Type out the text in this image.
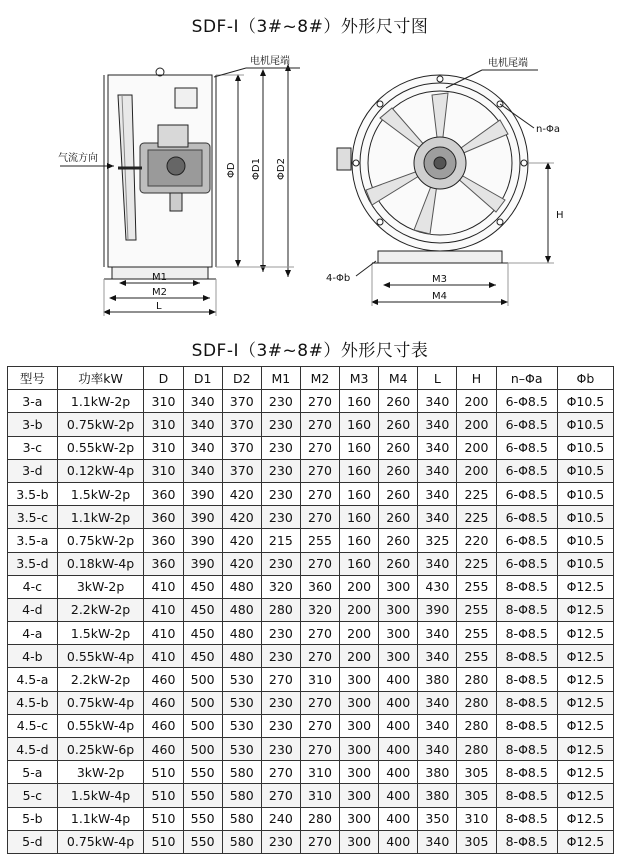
SDF-Ⅰ（3#~8#）外形尺寸图
气流方向
电机尾端
ΦD ΦD1 ΦD2
M1
M2
L
电机尾端
n-Φa
H
4-Φb	M3
M4
SDF-Ⅰ（3#~8#）外形尺寸表
型号	功率kW	D	D1	D2	M1	M2	M3	M4	L	H	n–Φa	Φb
3-a	1.1kW-2p	310	340	370	230	270	160	260	340	200	6-Φ8.5	Φ10.5
3-b	0.75kW-2p	310	340	370	230	270	160	260	340	200	6-Φ8.5	Φ10.5
3-c	0.55kW-2p	310	340	370	230	270	160	260	340	200	6-Φ8.5	Φ10.5
3-d	0.12kW-4p	310	340	370	230	270	160	260	340	200	6-Φ8.5	Φ10.5
3.5-b	1.5kW-2p	360	390	420	230	270	160	260	340	225	6-Φ8.5	Φ10.5
3.5-c	1.1kW-2p	360	390	420	230	270	160	260	340	225	6-Φ8.5	Φ10.5
3.5-a	0.75kW-2p	360	390	420	215	255	160	260	325	220	6-Φ8.5	Φ10.5
3.5-d	0.18kW-4p	360	390	420	230	270	160	260	340	225	6-Φ8.5	Φ10.5
4-c	3kW-2p	410	450	480	320	360	200	300	430	255	8-Φ8.5	Φ12.5
4-d	2.2kW-2p	410	450	480	280	320	200	300	390	255	8-Φ8.5	Φ12.5
4-a	1.5kW-2p	410	450	480	230	270	200	300	340	255	8-Φ8.5	Φ12.5
4-b	0.55kW-4p	410	450	480	230	270	200	300	340	255	8-Φ8.5	Φ12.5
4.5-a	2.2kW-2p	460	500	530	270	310	300	400	380	280	8-Φ8.5	Φ12.5
4.5-b	0.75kW-4p	460	500	530	230	270	300	400	340	280	8-Φ8.5	Φ12.5
4.5-c	0.55kW-4p	460	500	530	230	270	300	400	340	280	8-Φ8.5	Φ12.5
4.5-d	0.25kW-6p	460	500	530	230	270	300	400	340	280	8-Φ8.5	Φ12.5
5-a	3kW-2p	510	550	580	270	310	300	400	380	305	8-Φ8.5	Φ12.5
5-c	1.5kW-4p	510	550	580	270	310	300	400	380	305	8-Φ8.5	Φ12.5
5-b	1.1kW-4p	510	550	580	240	280	300	400	350	310	8-Φ8.5	Φ12.5
5-d	0.75kW-4p	510	550	580	230	270	300	400	340	305	8-Φ8.5	Φ12.5
